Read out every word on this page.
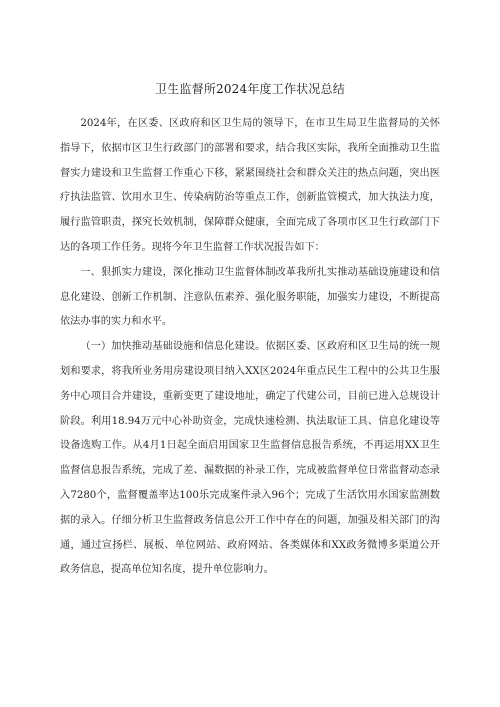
卫生监督所2024年度工作状况总结

2024年，在区委、区政府和区卫生局的领导下，在市卫生局卫生监督局的关怀指导下，依据市区卫生行政部门的部署和要求，结合我区实际，我所全面推动卫生监督实力建设和卫生监督工作重心下移，紧紧围绕社会和群众关注的热点问题，突出医疗执法监管、饮用水卫生、传染病防治等重点工作，创新监管模式，加大执法力度，履行监管职责，探究长效机制，保障群众健康，全面完成了各项市区卫生行政部门下达的各项工作任务。现将今年卫生监督工作状况报告如下：

一、狠抓实力建设，深化推动卫生监督体制改革我所扎实推动基础设施建设和信息化建设、创新工作机制、注意队伍素养、强化服务职能，加强实力建设，不断提高依法办事的实力和水平。

（一）加快推动基础设施和信息化建设。依据区委、区政府和区卫生局的统一规划和要求，将我所业务用房建设项目纳入XX区2024年重点民生工程中的公共卫生服务中心项目合并建设，重新变更了建设地址，确定了代建公司，目前已进入总规设计阶段。利用18.94万元中心补助资金，完成快速检测、执法取证工具、信息化建设等设备选购工作。从4月1日起全面启用国家卫生监督信息报告系统，不再运用XX卫生监督信息报告系统，完成了差、漏数据的补录工作，完成被监督单位日常监督动态录入7280个，监督覆盖率达100乐完成案件录入96个；完成了生活饮用水国家监测数据的录入。仔细分析卫生监督政务信息公开工作中存在的问题，加强及相关部门的沟通，通过宣扬栏、展板、单位网站、政府网站、各类媒体和XX政务微博多渠道公开政务信息，提高单位知名度，提升单位影响力。
